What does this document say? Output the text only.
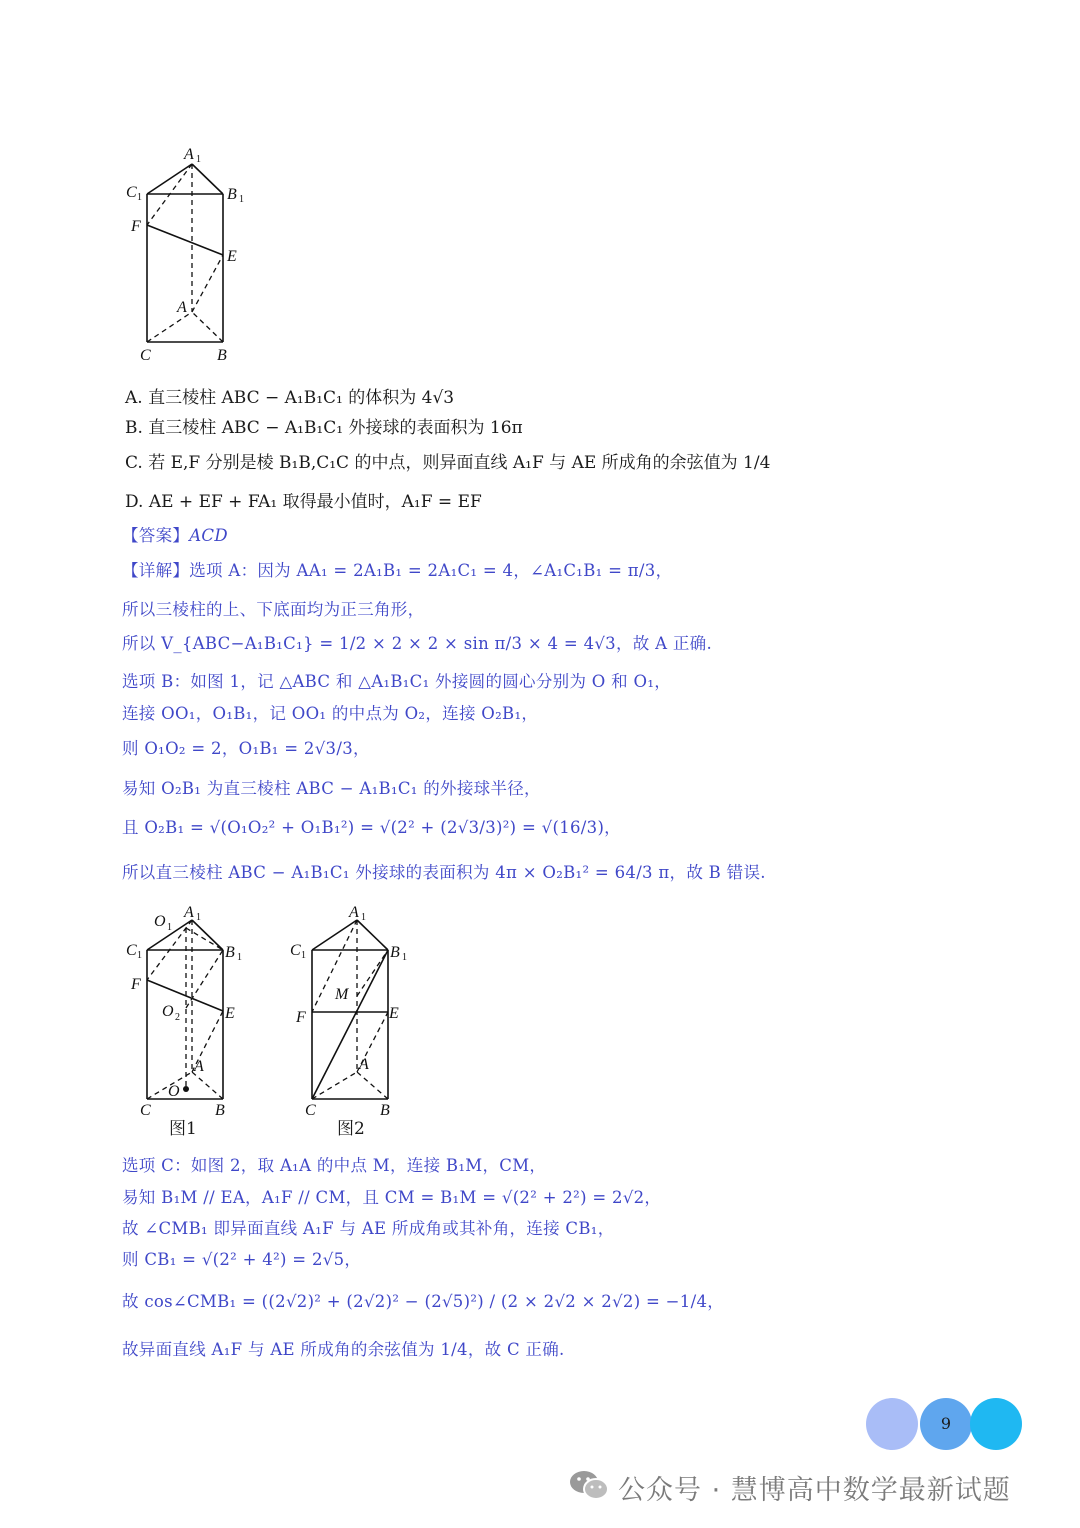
A 1
C 1	B 1
F
E
A
C	B
A. 直三棱柱 ABC − A₁B₁C₁ 的体积为 4√3
B. 直三棱柱 ABC − A₁B₁C₁ 外接球的表面积为 16π
C. 若 E,F 分别是棱 B₁B,C₁C 的中点，则异面直线 A₁F 与 AE 所成角的余弦值为 1/4
D. AE + EF + FA₁ 取得最小值时，A₁F = EF
【答案】ACD
【详解】选项 A：因为 AA₁ = 2A₁B₁ = 2A₁C₁ = 4，∠A₁C₁B₁ = π/3，
所以三棱柱的上、下底面均为正三角形，
所以 V_{ABC−A₁B₁C₁} = 1/2 × 2 × 2 × sin π/3 × 4 = 4√3，故 A 正确.
选项 B：如图 1，记 △ABC 和 △A₁B₁C₁ 外接圆的圆心分别为 O 和 O₁，
连接 OO₁，O₁B₁，记 OO₁ 的中点为 O₂，连接 O₂B₁，
则 O₁O₂ = 2，O₁B₁ = 2√3/3，
易知 O₂B₁ 为直三棱柱 ABC − A₁B₁C₁ 的外接球半径，
且 O₂B₁ = √(O₁O₂² + O₁B₁²) = √(2² + (2√3/3)²) = √(16/3)，
所以直三棱柱 ABC − A₁B₁C₁ 外接球的表面积为 4π × O₂B₁² = 64/3 π，故 B 错误.
O 1
A 1
C 1	B 1
F
O 2	E
A
O
C	B
图1
A 1
C 1	B 1
M
F	E
A
C	B
图2
选项 C：如图 2，取 A₁A 的中点 M，连接 B₁M，CM，
易知 B₁M // EA，A₁F // CM，且 CM = B₁M = √(2² + 2²) = 2√2，
故 ∠CMB₁ 即异面直线 A₁F 与 AE 所成角或其补角，连接 CB₁，
则 CB₁ = √(2² + 4²) = 2√5，
故 cos∠CMB₁ = ((2√2)² + (2√2)² − (2√5)²) / (2 × 2√2 × 2√2) = −1/4，
故异面直线 A₁F 与 AE 所成角的余弦值为 1/4，故 C 正确.
9
公众号 · 慧博高中数学最新试题
